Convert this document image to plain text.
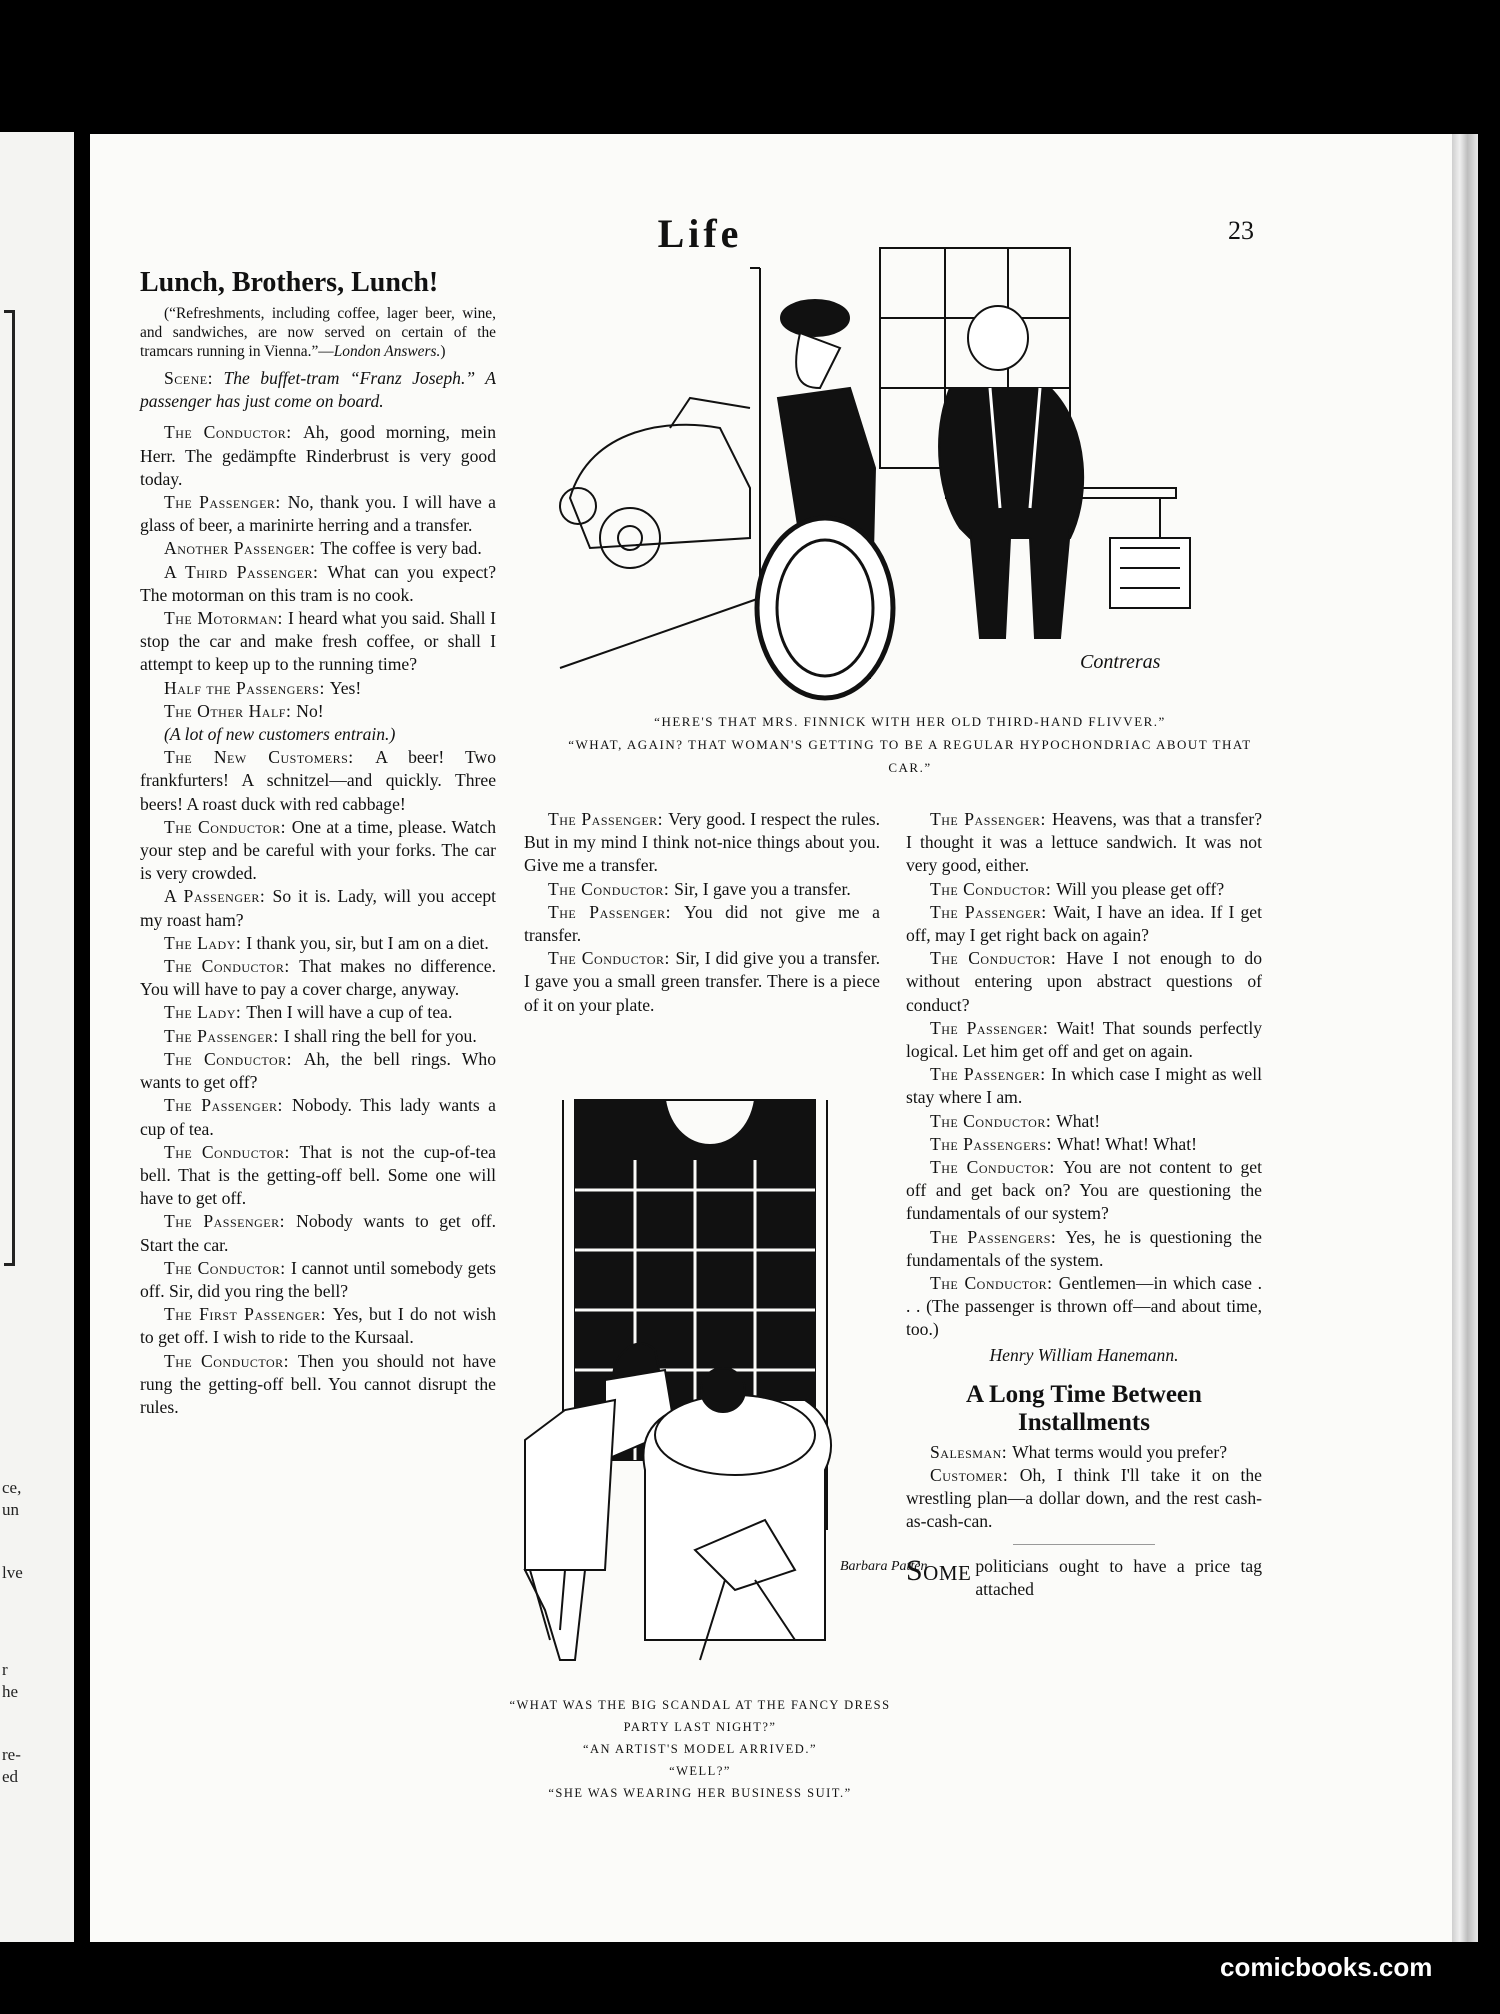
ce,
un
lve
r
he
re-
ed
Life	23
Lunch, Brothers, Lunch!

(“Refreshments, including coffee, lager beer, wine, and sandwiches, are now served on certain of the tramcars running in Vienna.”—London Answers.)

Scene: The buffet-tram “Franz Joseph.” A passenger has just come on board.

The Conductor: Ah, good morning, mein Herr. The gedämpfte Rinderbrust is very good today.

The Passenger: No, thank you. I will have a glass of beer, a marinirte herring and a transfer.

Another Passenger: The coffee is very bad.

A Third Passenger: What can you expect? The motorman on this tram is no cook.

The Motorman: I heard what you said. Shall I stop the car and make fresh coffee, or shall I attempt to keep up to the running time?

Half the Passengers: Yes!

The Other Half: No!

(A lot of new customers entrain.)

The New Customers: A beer! Two frankfurters! A schnitzel—and quickly. Three beers! A roast duck with red cabbage!

The Conductor: One at a time, please. Watch your step and be careful with your forks. The car is very crowded.

A Passenger: So it is. Lady, will you accept my roast ham?

The Lady: I thank you, sir, but I am on a diet.

The Conductor: That makes no difference. You will have to pay a cover charge, anyway.

The Lady: Then I will have a cup of tea.

The Passenger: I shall ring the bell for you.

The Conductor: Ah, the bell rings. Who wants to get off?

The Passenger: Nobody. This lady wants a cup of tea.

The Conductor: That is not the cup-of-tea bell. That is the getting-off bell. Some one will have to get off.

The Passenger: Nobody wants to get off. Start the car.

The Conductor: I cannot until somebody gets off. Sir, did you ring the bell?

The First Passenger: Yes, but I do not wish to get off. I wish to ride to the Kursaal.

The Conductor: Then you should not have rung the getting-off bell. You cannot disrupt the rules.

Contreras
“HERE'S THAT MRS. FINNICK WITH HER OLD THIRD-HAND FLIVVER.”
“WHAT, AGAIN? THAT WOMAN'S GETTING TO BE A REGULAR HYPOCHONDRIAC ABOUT THAT CAR.”

The Passenger: Very good. I respect the rules. But in my mind I think not-nice things about you. Give me a transfer.

The Conductor: Sir, I gave you a transfer.

The Passenger: You did not give me a transfer.

The Conductor: Sir, I did give you a transfer. I gave you a small green transfer. There is a piece of it on your plate.

Barbara Patten
“WHAT WAS THE BIG SCANDAL AT THE FANCY DRESS PARTY LAST NIGHT?”
“AN ARTIST'S MODEL ARRIVED.”
“WELL?”
“SHE WAS WEARING HER BUSINESS SUIT.”

The Passenger: Heavens, was that a transfer? I thought it was a lettuce sandwich. It was not very good, either.

The Conductor: Will you please get off?

The Passenger: Wait, I have an idea. If I get off, may I get right back on again?

The Conductor: Have I not enough to do without entering upon abstract questions of conduct?

The Passenger: Wait! That sounds perfectly logical. Let him get off and get on again.

The Passenger: In which case I might as well stay where I am.

The Conductor: What!

The Passengers: What! What! What!

The Conductor: You are not content to get off and get back on? You are questioning the fundamentals of our system?

The Passengers: Yes, he is questioning the fundamentals of the system.

The Conductor: Gentlemen—in which case . . . (The passenger is thrown off—and about time, too.)

Henry William Hanemann.

A Long Time Between Installments

Salesman: What terms would you prefer?

Customer: Oh, I think I'll take it on the wrestling plan—a dollar down, and the rest cash-as-cash-can.

Some politicians ought to have a price tag attached

comicbooks.com
